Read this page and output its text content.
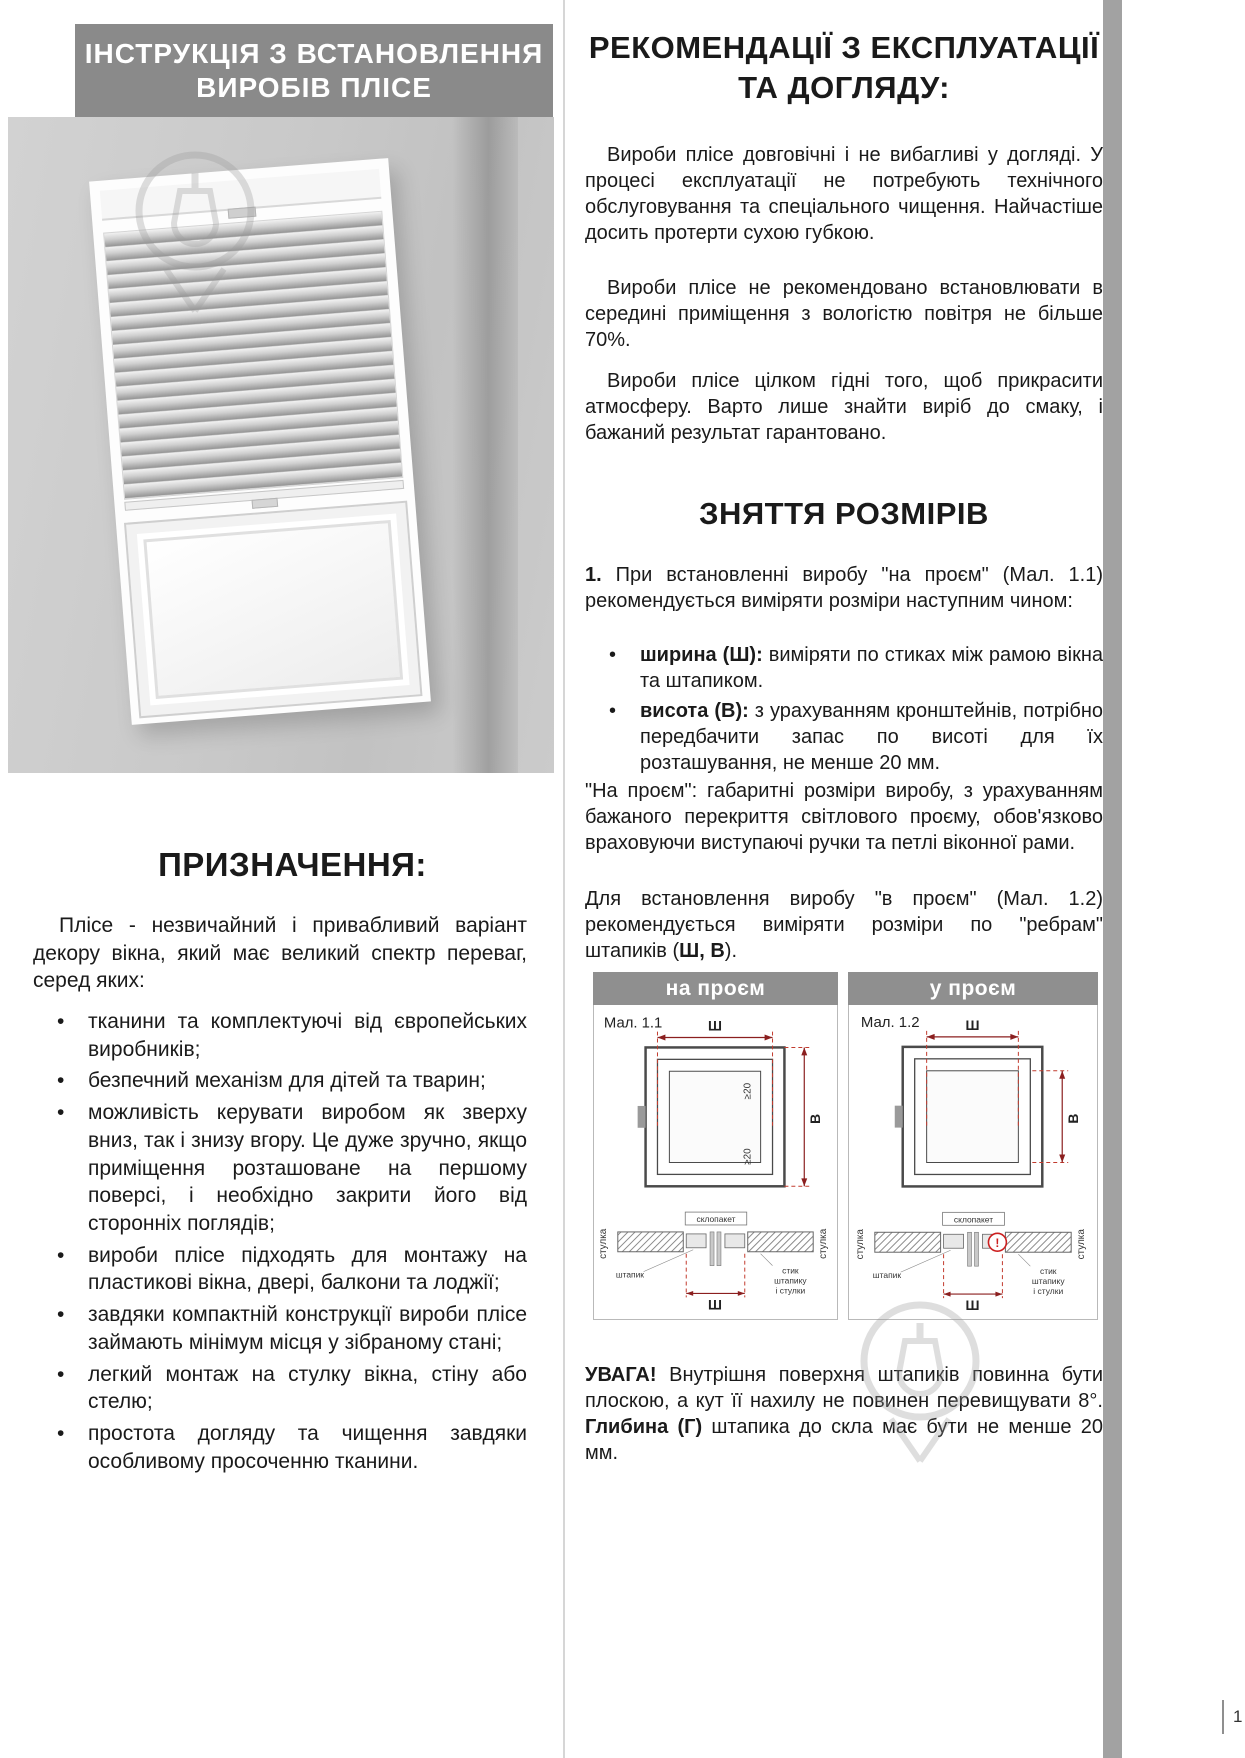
ІНСТРУКЦІЯ З ВСТАНОВЛЕННЯ
ВИРОБІВ ПЛІСЕ
ПРИЗНАЧЕННЯ:

Плісе - незвичайний і привабливий варіант декору вікна, який має великий спектр переваг, серед яких:

• тканини та комплектуючі від європейських виробників;
• безпечний механізм для дітей та тварин;
• можливість керувати виробом як зверху вниз, так і знизу вгору. Це дуже зручно, якщо приміщення розташоване на першому поверсі, і необхідно закрити його від сторонніх поглядів;
• вироби плісе підходять для монтажу на пластикові вікна, двері, балкони та лоджії;
• завдяки компактній конструкції вироби плісе займають мінімум місця у зібраному стані;
• легкий монтаж на стулку вікна, стіну або стелю;
• простота догляду та чищення завдяки особливому просоченню тканини.
РЕКОМЕНДАЦІЇ З ЕКСПЛУАТАЦІЇ
ТА ДОГЛЯДУ:

Вироби плісе довговічні і не вибагливі у догляді. У процесі експлуатації не потребують технічного обслуговування та спеціального чищення. Найчастіше досить протерти сухою губкою.

Вироби плісе не рекомендовано встановлювати в середині приміщення з вологістю повітря не більше 70%.

Вироби плісе цілком гідні того, щоб прикрасити атмосферу. Варто лише знайти виріб до смаку, і бажаний результат гарантовано.

ЗНЯТТЯ РОЗМІРІВ

1. При встановленні виробу "на проєм" (Мал. 1.1) рекомендується виміряти розміри наступним чином:

• ширина (Ш): виміряти по стиках між рамою вікна та штапиком.
• висота (В): з урахуванням кронштейнів, потрібно передбачити запас по висоті для їх розташування, не менше 20 мм.

"На проєм": габаритні розміри виробу, з урахуванням бажаного перекриття світлового проєму, обов'язково враховуючи виступаючі ручки та петлі віконної рами.

Для встановлення виробу "в проєм" (Мал. 1.2) рекомендується виміряти розміри по "ребрам" штапиків (Ш, В).

на проєм
Мал. 1.1	Ш
В
≥20
≥20
стулка	стулка
склопакет
штапик
Ш
стик
штапику
і стулки
у проєм
Мал. 1.2	Ш
В
стулка	стулка
склопакет
!
штапик
Ш
стик
штапику
і стулки

УВАГА! Внутрішня поверхня штапиків повинна бути плоскою, а кут її нахилу не повинен перевищувати 8°. Глибина (Г) штапика до скла має бути не менше 20 мм.

1
